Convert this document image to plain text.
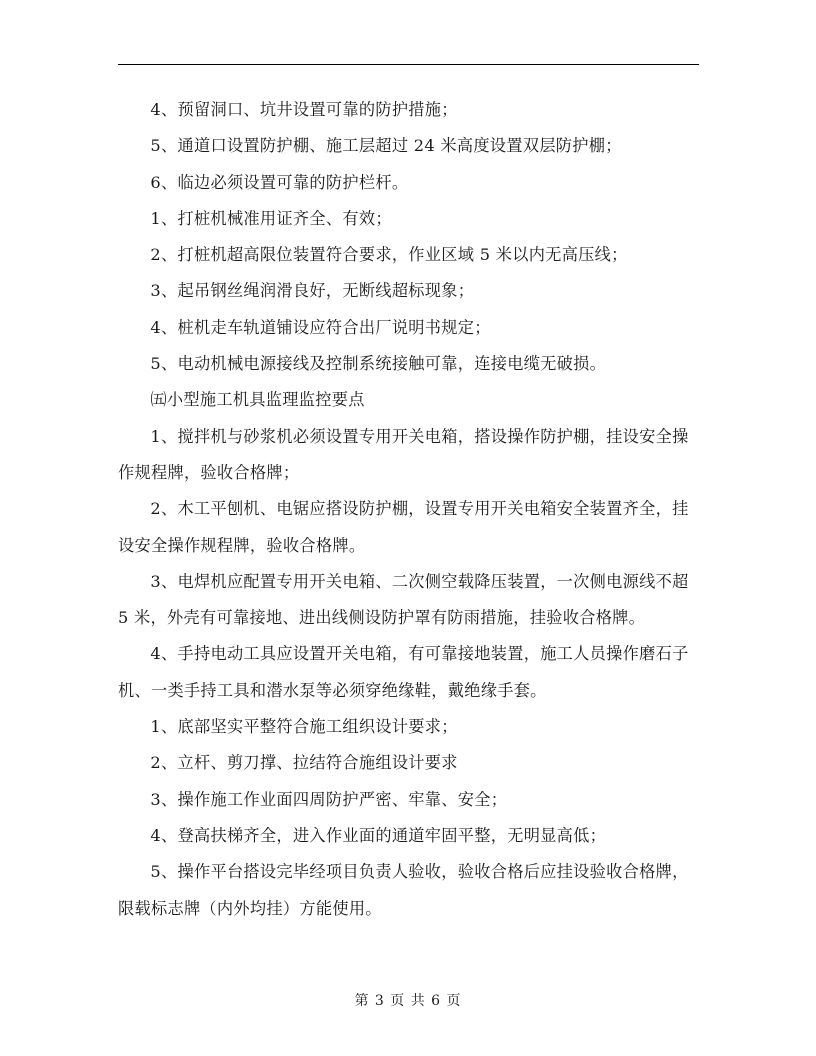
4、预留洞口、坑井设置可靠的防护措施；

5、通道口设置防护棚、施工层超过 24 米高度设置双层防护棚；

6、临边必须设置可靠的防护栏杆。

1、打桩机械准用证齐全、有效；

2、打桩机超高限位装置符合要求，作业区域 5 米以内无高压线；

3、起吊钢丝绳润滑良好，无断线超标现象；

4、桩机走车轨道铺设应符合出厂说明书规定；

5、电动机械电源接线及控制系统接触可靠，连接电缆无破损。

㈤小型施工机具监理监控要点

1、搅拌机与砂浆机必须设置专用开关电箱，搭设操作防护棚，挂设安全操作规程牌，验收合格牌；

2、木工平刨机、电锯应搭设防护棚，设置专用开关电箱安全装置齐全，挂设安全操作规程牌，验收合格牌。

3、电焊机应配置专用开关电箱、二次侧空载降压装置，一次侧电源线不超 5 米，外壳有可靠接地、进出线侧设防护罩有防雨措施，挂验收合格牌。

4、手持电动工具应设置开关电箱，有可靠接地装置，施工人员操作磨石子机、一类手持工具和潜水泵等必须穿绝缘鞋，戴绝缘手套。

1、底部坚实平整符合施工组织设计要求；

2、立杆、剪刀撑、拉结符合施组设计要求

3、操作施工作业面四周防护严密、牢靠、安全；

4、登高扶梯齐全，进入作业面的通道牢固平整，无明显高低；

5、操作平台搭设完毕经项目负责人验收，验收合格后应挂设验收合格牌，限载标志牌（内外均挂）方能使用。

第 3 页 共 6 页
